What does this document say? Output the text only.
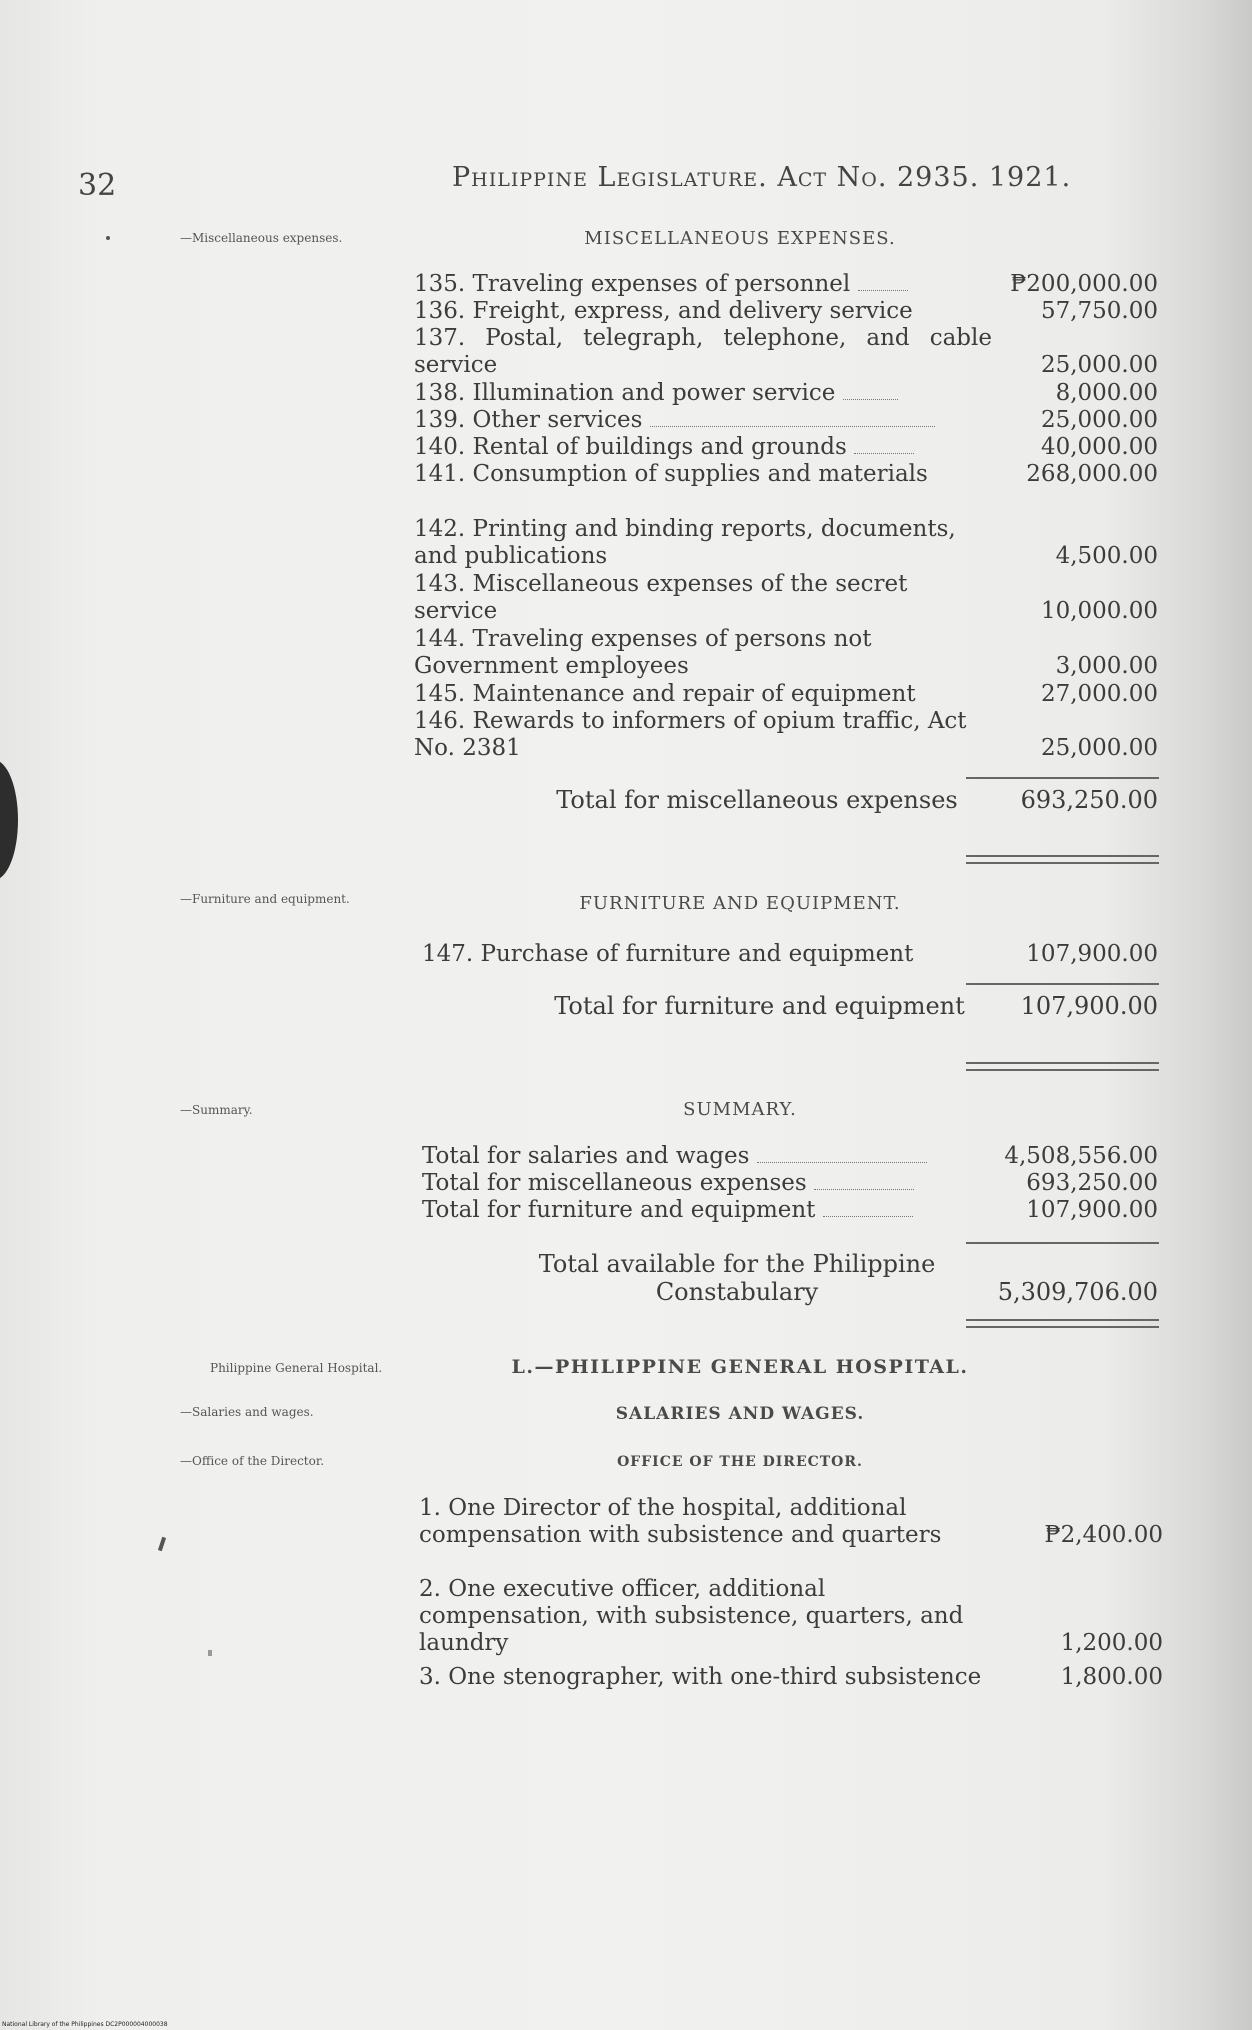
32	Philippine Legislature. Act No. 2935. 1921.
—Miscellaneous expenses.	MISCELLANEOUS EXPENSES.
135. Traveling expenses of personnel	₱200,000.00
136. Freight, express, and delivery service	57,750.00
137. Postal, telegraph, telephone, and cable service	25,000.00
138. Illumination and power service	8,000.00
139. Other services	25,000.00
140. Rental of buildings and grounds	40,000.00
141. Consumption of supplies and materials	268,000.00
142. Printing and binding reports, documents, and publications	4,500.00
143. Miscellaneous expenses of the secret service	10,000.00
144. Traveling expenses of persons not Government employees	3,000.00
145. Maintenance and repair of equipment	27,000.00
146. Rewards to informers of opium traffic, Act No. 2381	25,000.00
Total for miscellaneous expenses	693,250.00
—Furniture and equipment.	FURNITURE AND EQUIPMENT.
147. Purchase of furniture and equipment	107,900.00
Total for furniture and equipment 107,900.00
—Summary.	SUMMARY.
Total for salaries and wages	4,508,556.00
Total for miscellaneous expenses	693,250.00
Total for furniture and equipment	107,900.00
Total available for the Philippine Constabulary	5,309,706.00
Philippine General Hospital.	L.—PHILIPPINE GENERAL HOSPITAL.
—Salaries and wages.	SALARIES AND WAGES.
—Office of the Director.	OFFICE OF THE DIRECTOR.
1. One Director of the hospital, additional compensation with subsistence and quarters	₱2,400.00
2. One executive officer, additional compensation, with subsistence, quarters, and laundry	1,200.00
3. One stenographer, with one-third subsistence	1,800.00
National Library of the Philippines DC2P000004000038
